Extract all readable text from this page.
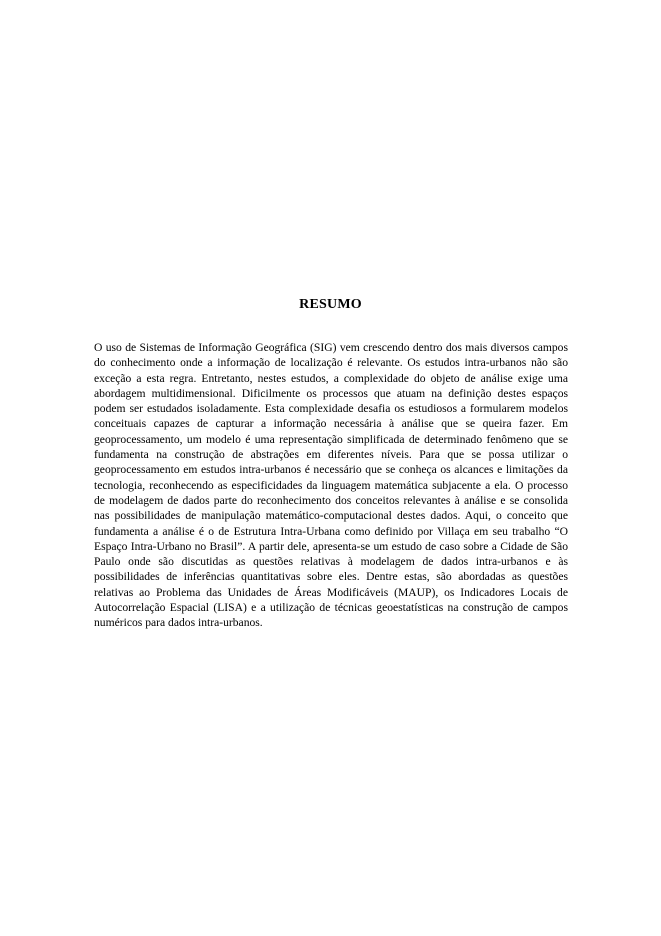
RESUMO

O uso de Sistemas de Informação Geográfica (SIG) vem crescendo dentro dos mais diversos campos do conhecimento onde a informação de localização é relevante. Os estudos intra-urbanos não são exceção a esta regra. Entretanto, nestes estudos, a complexidade do objeto de análise exige uma abordagem multidimensional. Dificilmente os processos que atuam na definição destes espaços podem ser estudados isoladamente. Esta complexidade desafia os estudiosos a formularem modelos conceituais capazes de capturar a informação necessária à análise que se queira fazer. Em geoprocessamento, um modelo é uma representação simplificada de determinado fenômeno que se fundamenta na construção de abstrações em diferentes níveis. Para que se possa utilizar o geoprocessamento em estudos intra-urbanos é necessário que se conheça os alcances e limitações da tecnologia, reconhecendo as especificidades da linguagem matemática subjacente a ela. O processo de modelagem de dados parte do reconhecimento dos conceitos relevantes à análise e se consolida nas possibilidades de manipulação matemático-computacional destes dados. Aqui, o conceito que fundamenta a análise é o de Estrutura Intra-Urbana como definido por Villaça em seu trabalho “O Espaço Intra-Urbano no Brasil”. A partir dele, apresenta-se um estudo de caso sobre a Cidade de São Paulo onde são discutidas as questões relativas à modelagem de dados intra-urbanos e às possibilidades de inferências quantitativas sobre eles. Dentre estas, são abordadas as questões relativas ao Problema das Unidades de Áreas Modificáveis (MAUP), os Indicadores Locais de Autocorrelação Espacial (LISA) e a utilização de técnicas geoestatísticas na construção de campos numéricos para dados intra-urbanos.
